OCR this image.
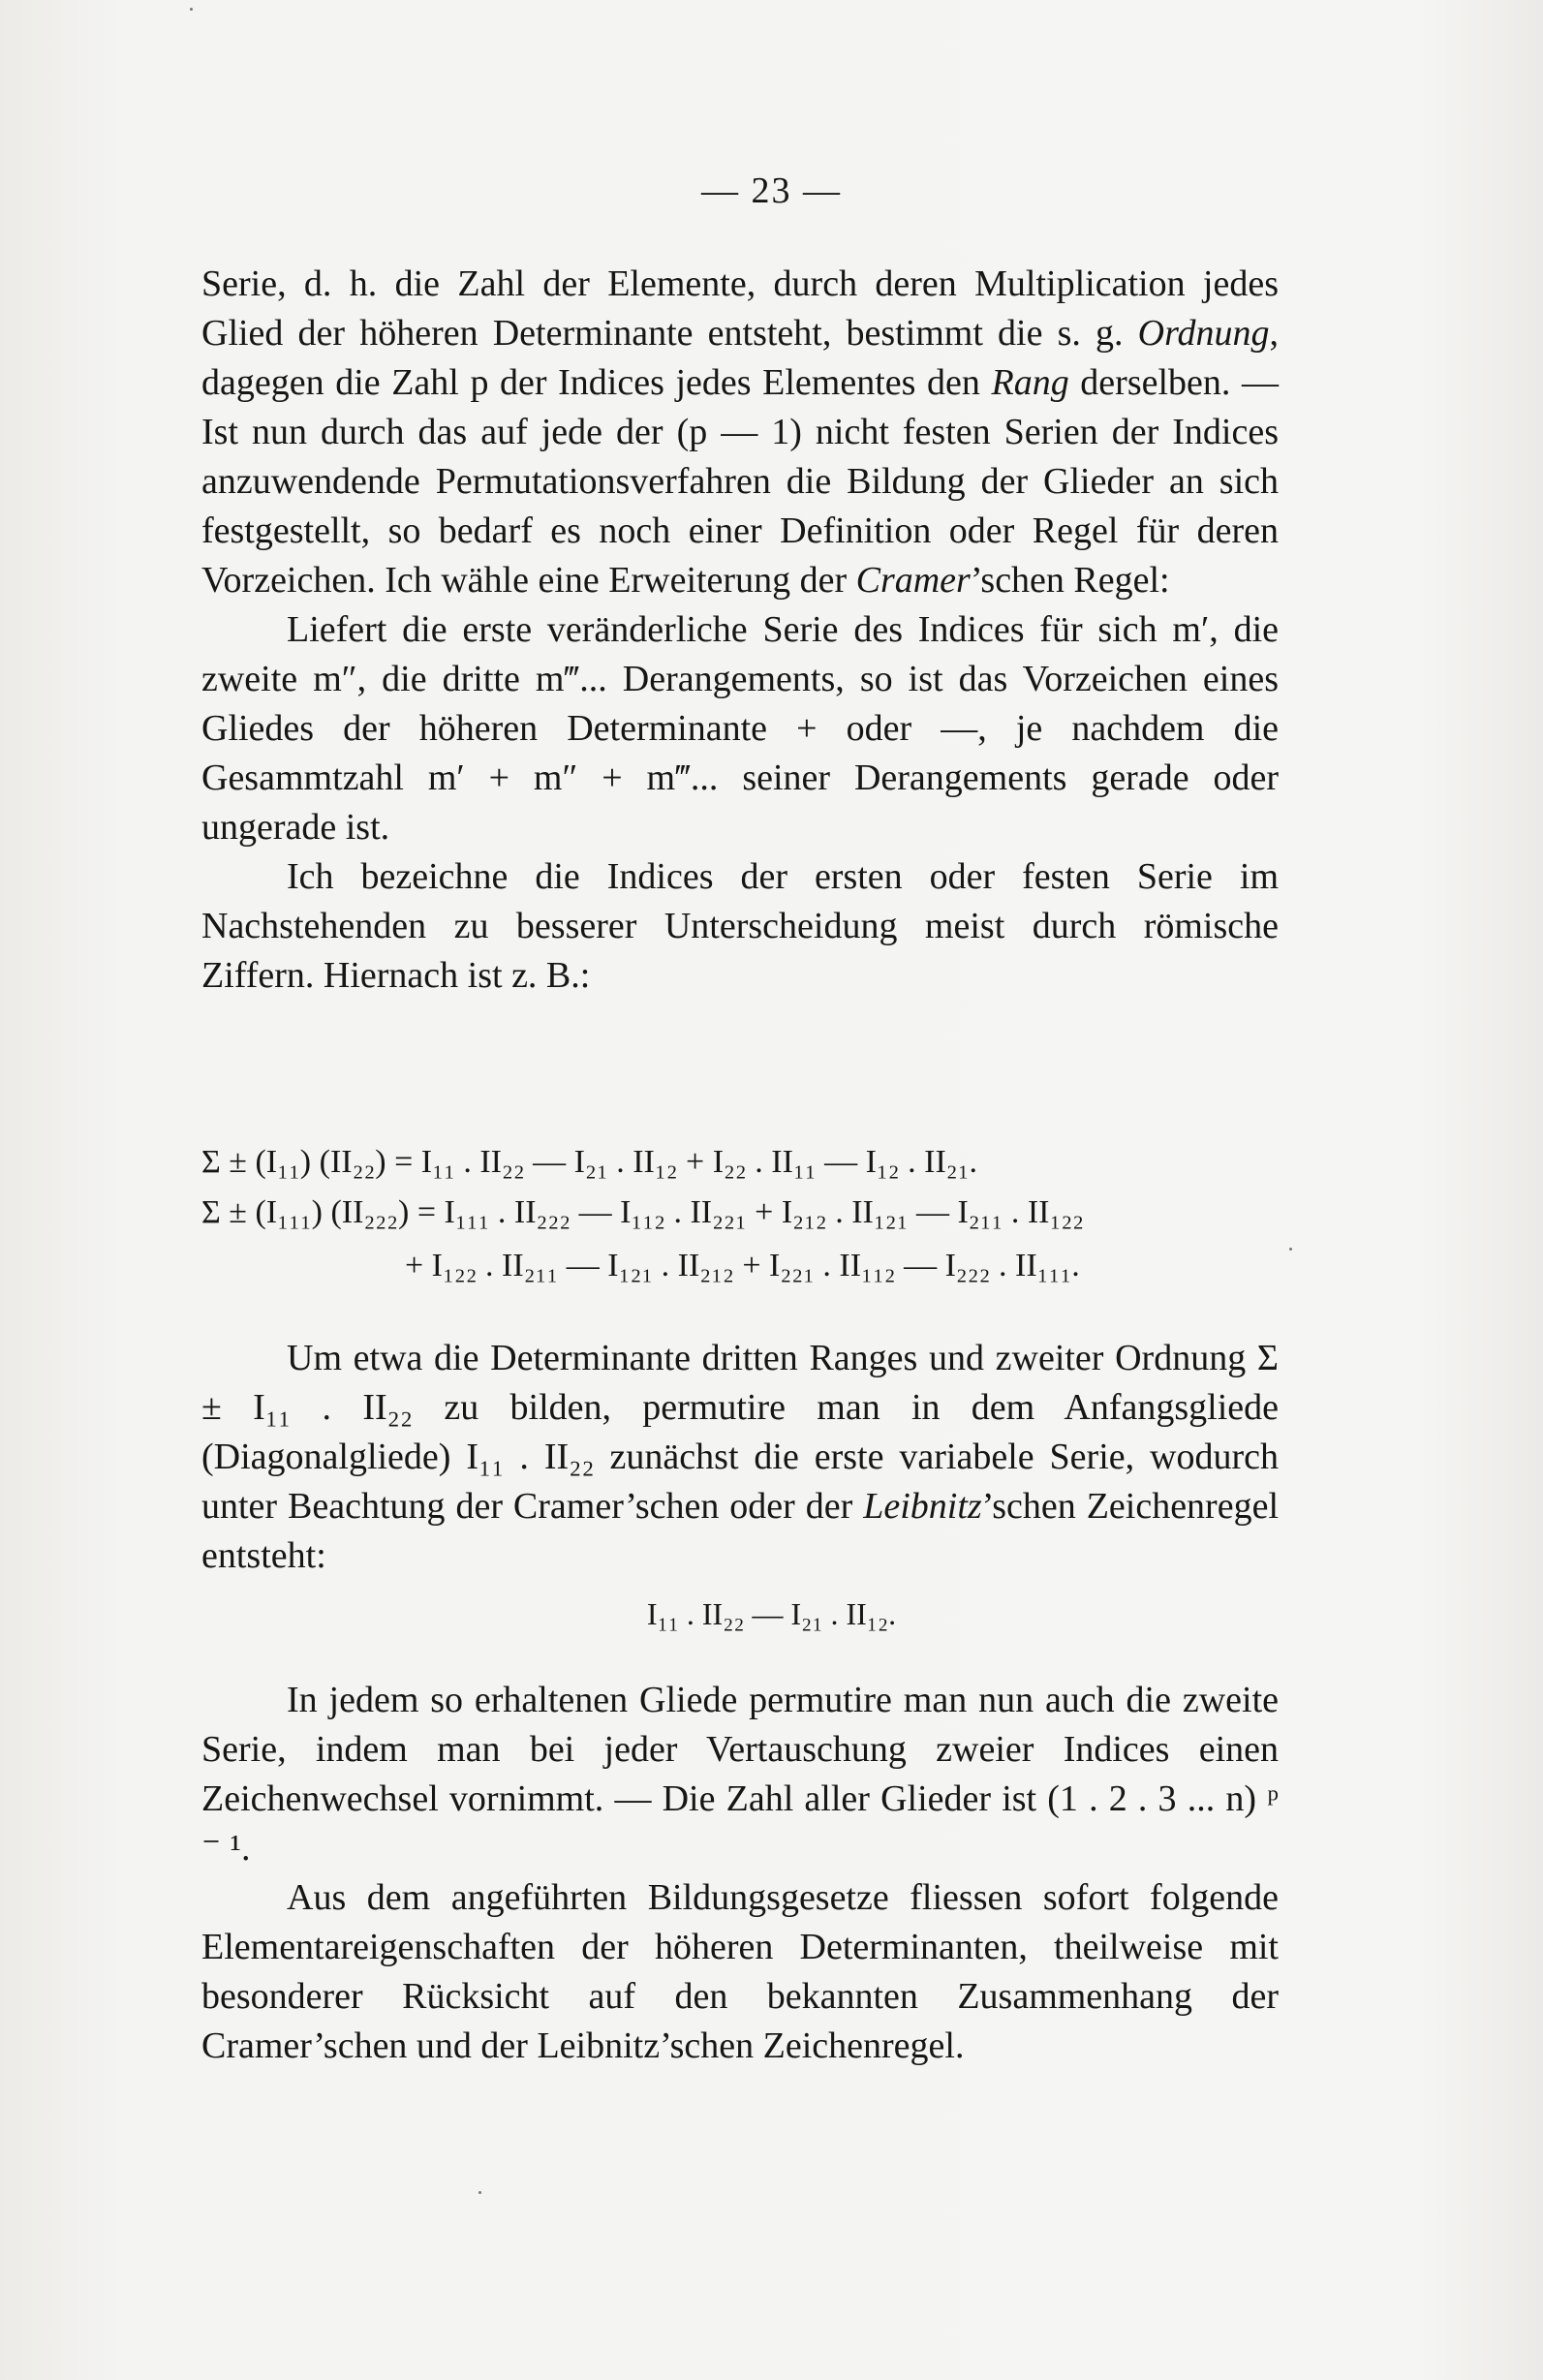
— 23 —

Serie, d. h. die Zahl der Elemente, durch deren Multiplication jedes Glied der höheren Determinante entsteht, bestimmt die s. g. Ordnung, dagegen die Zahl p der Indices jedes Elementes den Rang derselben. — Ist nun durch das auf jede der (p — 1) nicht festen Serien der Indices anzuwendende Permutationsverfahren die Bildung der Glieder an sich festgestellt, so bedarf es noch einer Definition oder Regel für deren Vorzeichen. Ich wähle eine Erweiterung der Cramer’schen Regel:

Liefert die erste veränderliche Serie des Indices für sich m′, die zweite m″, die dritte m‴... Derangements, so ist das Vorzeichen eines Gliedes der höheren Determinante + oder —, je nachdem die Gesammtzahl m′ + m″ + m‴... seiner Derangements gerade oder ungerade ist.

Ich bezeichne die Indices der ersten oder festen Serie im Nachstehenden zu besserer Unterscheidung meist durch römische Ziffern. Hiernach ist z. B.:

Σ ± (I₁₁) (II₂₂) = I₁₁ . II₂₂ — I₂₁ . II₁₂ + I₂₂ . II₁₁ — I₁₂ . II₂₁.
Σ ± (I₁₁₁) (II₂₂₂) = I₁₁₁ . II₂₂₂ — I₁₁₂ . II₂₂₁ + I₂₁₂ . II₁₂₁ — I₂₁₁ . II₁₂₂
+ I₁₂₂ . II₂₁₁ — I₁₂₁ . II₂₁₂ + I₂₂₁ . II₁₁₂ — I₂₂₂ . II₁₁₁.

Um etwa die Determinante dritten Ranges und zweiter Ordnung Σ ± I₁₁ . II₂₂ zu bilden, permutire man in dem Anfangsgliede (Diagonalgliede) I₁₁ . II₂₂ zunächst die erste variabele Serie, wodurch unter Beachtung der Cramer’schen oder der Leibnitz’schen Zeichenregel entsteht:

I₁₁ . II₂₂ — I₂₁ . II₁₂.

In jedem so erhaltenen Gliede permutire man nun auch die zweite Serie, indem man bei jeder Vertauschung zweier Indices einen Zeichenwechsel vornimmt. — Die Zahl aller Glieder ist (1 . 2 . 3 ... n) ᵖ ⁻ ¹.

Aus dem angeführten Bildungsgesetze fliessen sofort folgende Elementareigenschaften der höheren Determinanten, theilweise mit besonderer Rücksicht auf den bekannten Zusammenhang der Cramer’schen und der Leibnitz’schen Zeichenregel.
